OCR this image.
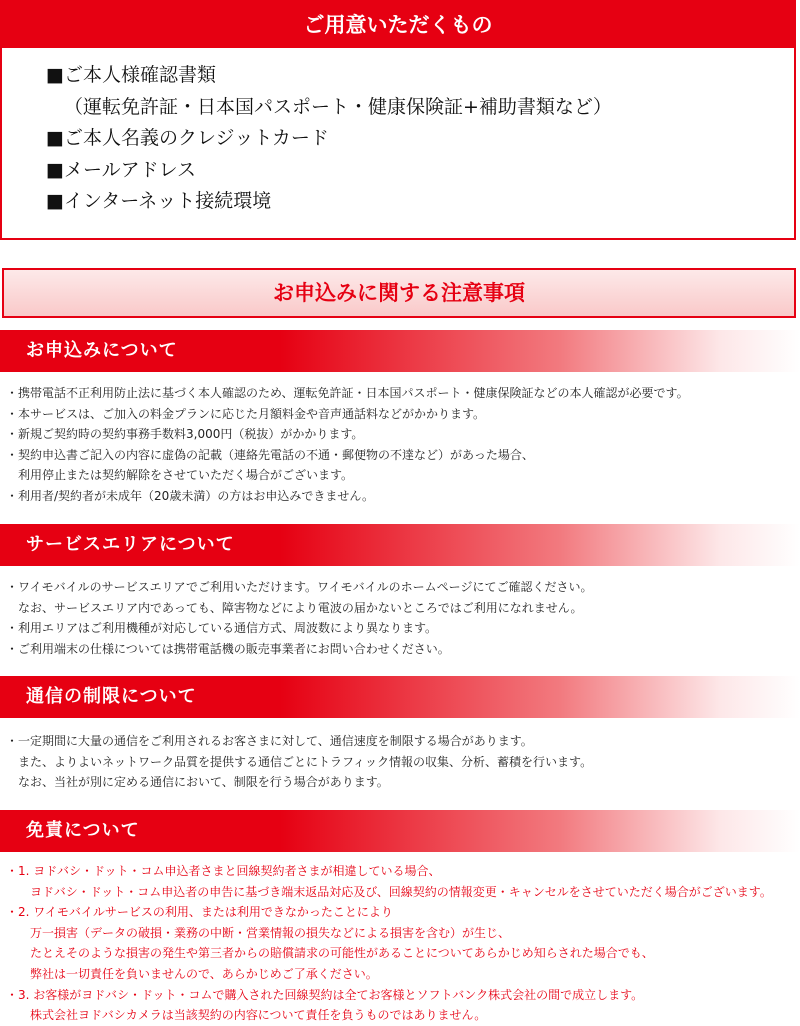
ご用意いただくもの
■ご本人様確認書類
（運転免許証・日本国パスポート・健康保険証+補助書類など）
■ご本人名義のクレジットカード
■メールアドレス
■インターネット接続環境
お申込みに関する注意事項
お申込みについて
・携帯電話不正利用防止法に基づく本人確認のため、運転免許証・日本国パスポート・健康保険証などの本人確認が必要です。
・本サービスは、ご加入の料金プランに応じた月額料金や音声通話料などがかかります。
・新規ご契約時の契約事務手数料3,000円（税抜）がかかります。
・契約申込書ご記入の内容に虚偽の記載（連絡先電話の不通・郵便物の不達など）があった場合、
　利用停止または契約解除をさせていただく場合がございます。
・利用者/契約者が未成年（20歳未満）の方はお申込みできません。
サービスエリアについて
・ワイモバイルのサービスエリアでご利用いただけます。ワイモバイルのホームページにてご確認ください。
　なお、サービスエリア内であっても、障害物などにより電波の届かないところではご利用になれません。
・利用エリアはご利用機種が対応している通信方式、周波数により異なります。
・ご利用端末の仕様については携帯電話機の販売事業者にお問い合わせください。
通信の制限について
・一定期間に大量の通信をご利用されるお客さまに対して、通信速度を制限する場合があります。
　また、よりよいネットワーク品質を提供する通信ごとにトラフィック情報の収集、分析、蓄積を行います。
　なお、当社が別に定める通信において、制限を行う場合があります。
免責について
・1. ヨドバシ・ドット・コム申込者さまと回線契約者さまが相違している場合、
　　ヨドバシ・ドット・コム申込者の申告に基づき端末返品対応及び、回線契約の情報変更・キャンセルをさせていただく場合がございます。
・2. ワイモバイルサービスの利用、または利用できなかったことにより
　　万一損害（データの破損・業務の中断・営業情報の損失などによる損害を含む）が生じ、
　　たとえそのような損害の発生や第三者からの賠償請求の可能性があることについてあらかじめ知らされた場合でも、
　　弊社は一切責任を負いませんので、あらかじめご了承ください。
・3. お客様がヨドバシ・ドット・コムで購入された回線契約は全てお客様とソフトバンク株式会社の間で成立します。
　　株式会社ヨドバシカメラは当該契約の内容について責任を負うものではありません。
